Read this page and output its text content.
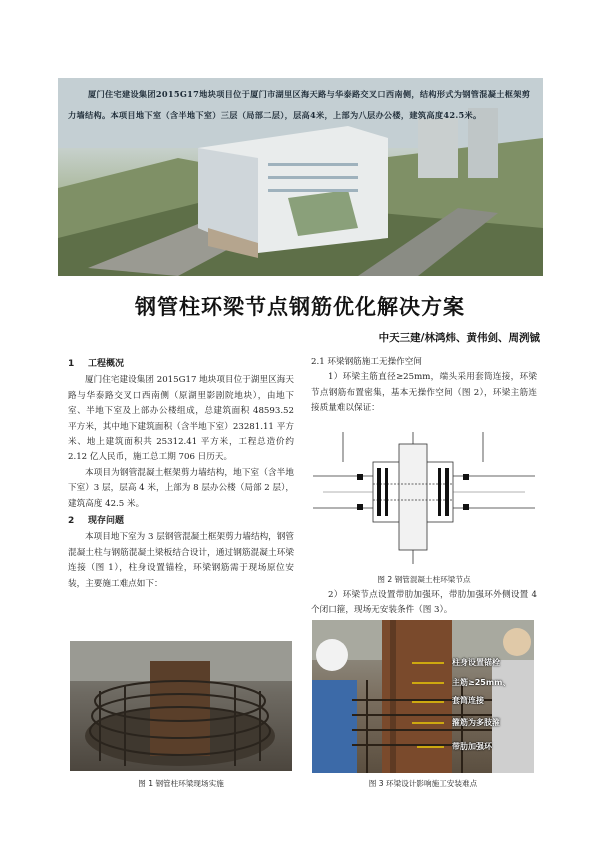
厦门住宅建设集团2015G17地块项目位于厦门市湖里区海天路与华泰路交叉口西南侧，结构形式为钢管混凝土框架剪力墙结构。本项目地下室（含半地下室）三层（局部二层），层高4米，上部为八层办公楼，建筑高度42.5米。
钢管柱环梁节点钢筋优化解决方案
中天三建/林鸿炜、黄伟剑、周洌铖
1 工程概况

厦门住宅建设集团 2015G17 地块项目位于湖里区海天路与华泰路交叉口西南侧（原湖里影剧院地块），由地下室、半地下室及上部办公楼组成，总建筑面积 48593.52 平方米，其中地下建筑面积（含半地下室）23281.11 平方米、地上建筑面积共 25312.41 平方米，工程总造价约 2.12 亿人民币，施工总工期 706 日历天。

本项目为钢管混凝土框架剪力墙结构，地下室（含半地下室）3 层，层高 4 米，上部为 8 层办公楼（局部 2 层），建筑高度 42.5 米。

2 现存问题

本项目地下室为 3 层钢管混凝土框架剪力墙结构，钢管混凝土柱与钢筋混凝土梁板结合设计，通过钢筋混凝土环梁连接（图 1），柱身设置锚栓，环梁钢筋需于现场原位安装，主要施工难点如下：

2.1 环梁钢筋施工无操作空间

1）环梁主筋直径≥25mm，端头采用套筒连接，环梁节点钢筋布置密集，基本无操作空间（图 2），环梁主筋连接质量难以保证：

图 2 钢管混凝土柱环梁节点

2）环梁节点设置带肋加强环，带肋加强环外侧设置 4 个闭口箍，现场无安装条件（图 3）。

图 1 钢管柱环梁现场实施
柱身设置锚栓
主筋≥25mm、
套筒连接
箍筋为多肢箍
带肋加强环
图 3 环梁设计影响施工安装难点
